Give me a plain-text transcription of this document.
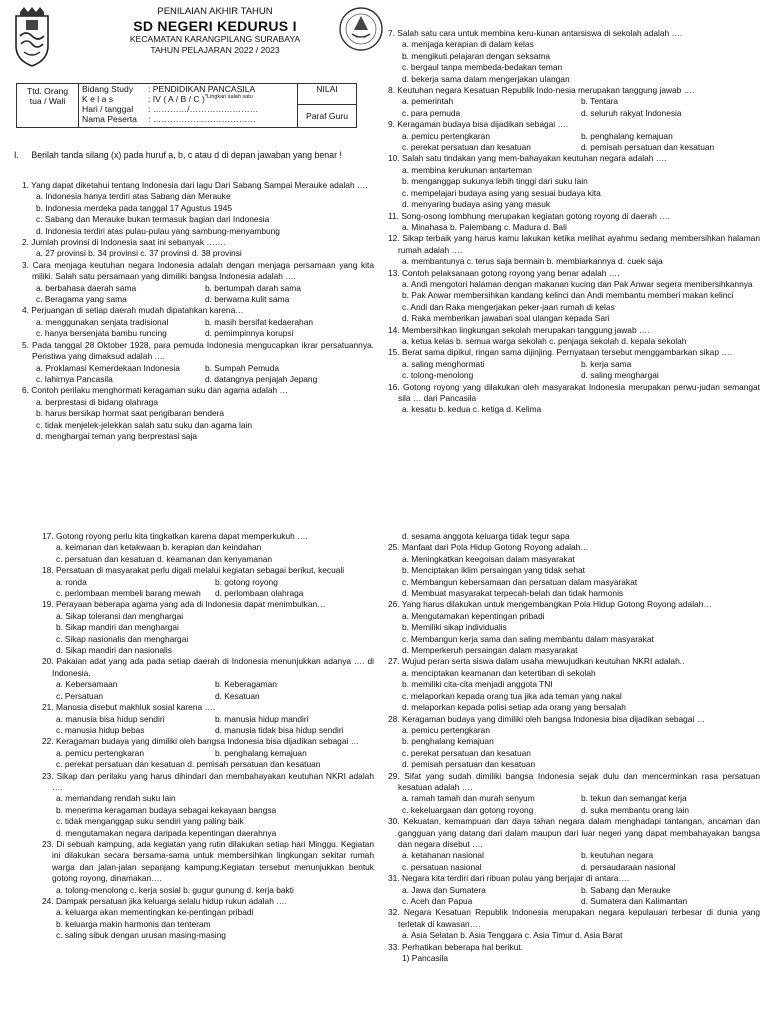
PENILAIAN AKHIR TAHUN
SD NEGERI KEDURUS I
KECAMATAN KARANGPILANG SURABAYA
TAHUN PELAJARAN 2022 / 2023
Ttd. Orang tua / Wali	Bidang Study : PENDIDIKAN PANCASILA	NILAI
	K e l a s : IV ( A / B / C )$^{*Lingkari salah satu}$
	Hari / tanggal : …………/……………………	Paraf Guru
	Nama Peserta : ………………………………	
I. Berilah tanda silang (x) pada huruf a, b, c atau d di depan jawaban yang benar !
1. Yang dapat diketahui tentang Indonesia dari lagu Dari Sabang Sampai Merauke adalah ….
a. Indonesia hanya terdiri atas Sabang dan Merauke
b. Indonesia merdeka pada tanggal 17 Agustus 1945
c. Sabang dan Merauke bukan termasuk bagian dari Indonesia
d. Indonesia terdiri atas pulau-pulau yang sambung-menyambung
2. Jumlah provinsi di Indonesia saat ini sebanyak …….
a. 27 provinsi b. 34 provinsi c. 37 provinsi d. 38 provinsi
3. Cara menjaga keutuhan negara Indonesia adalah dengan menjaga persamaan yang kita miliki. Salah satu persamaan yang dimiliki bangsa Indonesia adalah ….
a. berbahasa daerah sama	b. bertumpah darah sama
c. Beragama yang sama	d. berwarna kulit sama
4. Perjuangan di setiap daerah mudah dipatahkan karena…
a. menggunakan senjata tradisional	b. masih bersifat kedaerahan
c. hanya bersenjata bambu runcing	d. pemimpinnya korupsi
5. Pada tanggal 28 Oktober 1928, para pemuda Indonesia mengucapkan ikrar persatuannya. Peristiwa yang dimaksud adalah ….
a. Proklamasi Kemerdekaan Indonesia	b. Sumpah Pemuda
c. lahirnya Pancasila	d. datangnya penjajah Jepang
6. Contoh perilaku menghormati keragaman suku dan agama adalah …
a. berprestasi di bidang olahraga
b. harus bersikap hormat saat pengibaran bendera
c. tidak menjelek-jelekkan salah satu suku dan agama lain
d. menghargai teman yang berprestasi saja
7. Salah satu cara untuk membina keru-kunan antarsiswa di sekolah adalah ….
a. menjaga kerapian di dalam kelas
b. mengikuti pelajaran dengan seksama
c. bergaul tanpa membeda-bedakan teman
d. bekerja sama dalam mengerjakan ulangan
8. Keutuhan negara Kesatuan Republik Indo-nesia merupakan tanggung jawab ….
a. pemerintah	b. Tentara
c. para pemuda	d. seluruh rakyat Indonesia
9. Keragaman budaya bisa dijadikan sebagai ….
a. pemicu pertengkaran	b. penghalang kemajuan
c. perekat persatuan dan kesatuan	d. pemisah persatuan dan kesatuan
10. Salah satu tindakan yang mem-bahayakan keutuhan negara adalah ….
a. membina kerukunan antarteman
b. menganggap sukunya lebih tinggi dari suku lain
c. mempelajari budaya asing yang sesuai budaya kita
d. menyaring budaya asing yang masuk
11. Song-osong lombhung merupakan kegiatan gotong royong di daerah ….
a. Minahasa b. Palembang c. Madura d. Bali
12. Sikap terbaik yang harus kamu lakukan ketika melihat ayahmu sedang membersihkan halaman rumah adalah ….
a. membantunya c. terus saja bermain b. membiarkannya d. cuek saja
13. Contoh pelaksanaan gotong royong yang benar adalah ….
a. Andi mengotori halaman dengan makanan kucing dan Pak Anwar segera membersihkannya
b. Pak Anwar membersihkan kandang kelinci dan Andi membantu memberi makan kelinci
c. Andi dan Raka mengerjakan peker-jaan rumah di kelas
d. Raka memberikan jawaban soal ulangan kepada Sari
14. Membersihkan lingkungan sekolah merupakan tanggung jawab ….
a. ketua kelas b. semua warga sekolah c. penjaga sekolah d. kepala sekolah
15. Berat sama dipikul, ringan sama dijinjing. Pernyataan tersebut menggambarkan sikap ….
a. saling menghormati	b. kerja sama
c. tolong-menolong	d. saling menghargai
16. Gotong royong yang dilakukan oleh masyarakat Indonesia merupakan perwu-judan semangat sila … dari Pancasila
a. kesatu b. kedua c. ketiga d. Kelima
17. Gotong royong perlu kita tingkatkan karena dapat memperkukuh ….
a. keimanan dan ketakwaan b. kerapian dan keindahan
c. persatuan dan kesatuan d. keamanan dan kenyamanan
18. Persatuan di masyarakat perlu digali melalui kegiatan sebagai berikut, kecuali
a. ronda	b. gotong royong
c. perlombaan membeli barang mewah	d. perlombaan olahraga
19. Perayaan beberapa agama yang ada di Indonesia dapat menimbulkan…
a. Sikap toleransi dan menghargai
b. Sikap mandiri dan menghargai
c. Sikap nasionalis dan menghargai
d. Sikap mandiri dan nasionalis
20. Pakaian adat yang ada pada setiap daerah di Indonesia menunjukkan adanya …. di Indonesia.
a. Kebersamaan	b. Keberagaman
c. Persatuan	d. Kesatuan
21. Manusia disebut makhluk sosial karena ….
a. manusia bisa hidup sendiri	b. manusia hidup mandiri
c. manusia hidup bebas	d. manusia tidak bisa hidup sendiri
22. Keragaman budaya yang dimiliki oleh bangsa Indonesia bisa dijadikan sebagai …
a. pemicu pertengkaran	b. penghalang kemajuan
c. perekat persatuan dan kesatuan d. pemisah persatuan dan kesatuan
23. Sikap dan perilaku yang harus dihindari dan membahayakan keutuhan NKRI adalah ….
a. memandang rendah suku lain
b. menerima keragaman budaya sebagai kekayaan bangsa
c. tidak menganggap suku sendiri yang paling baik
d. mengutamakan negara daripada kepentingan daerahnya
23. Di sebuah kampung, ada kegiatan yang rutin dilakukan setiap hari Minggu. Kegiatan ini dilakukan secara bersama-sama untuk membersihkan lingkungan sekitar rumah warga dan jalan-jalan sepanjang kampung.Kegiatan tersebut menunjukkan bentuk gotong royong, dinamakan….
a. tolong-menolong c. kerja sosial b. gugur gunung d. kerja bakti
24. Dampak persatuan jika keluarga selalu hidup rukun adalah ….
a. keluarga akan mementingkan ke-pentingan pribadi
b. keluarga makin harmonis dan tenteram
c. saling sibuk dengan urusan masing-masing
d. sesama anggota keluarga tidak tegur sapa
25. Manfaat dari Pola Hidup Gotong Royong adalah…
a. Meningkatkan keegoisan dalam masyarakat
b. Menciptakan iklim persaingan yang tidak sehat
c. Membangun kebersamaan dan persatuan dalam masyarakat
d. Membuat masyarakat terpecah-belah dan tidak harmonis
26. Yang harus dilakukan untuk mengembangkan Pola Hidup Gotong Royong adalah…
a. Mengutamakan kepentingan pribadi
b. Memiliki sikap individualis
c. Membangun kerja sama dan saling membantu dalam masyarakat
d. Memperkeruh persaingan dalam masyarakat
27. Wujud peran serta siswa dalam usaha mewujudkan keutuhan NKRI adalah..
a. menciptakan keamanan dan ketertiban di sekolah
b. memiliki cita-cita menjadi anggota TNI
c. melaporkan kepada orang tua jika ada teman yang nakal
d. melaporkan kepada polisi setiap ada orang yang bersalah
28. Keragaman budaya yang dimiliki oleh bangsa Indonesia bisa dijadikan sebagai …
a. pemicu pertengkaran
b. penghalang kemajuan
c. perekat persatuan dan kesatuan
d. pemisah persatuan dan kesatuan
29. Sifat yang sudah dimiliki bangsa Indonesia sejak dulu dan mencerminkan rasa persatuan kesatuan adalah ….
a. ramah tamah dan murah senyum	b. tekun dan semangat kerja
c. kekeluargaan dan gotong royong	d. suka membantu orang lain
30. Kekuatan, kemampuan dan daya tahan negara dalam menghadapi tantangan, ancaman dan gangguan yang datang dari dalam maupun dari luar negeri yang dapat membahayakan bangsa dan negara disebut ….
a. ketahanan nasional	b. keutuhan negara
c. persatuan nasional	d. persaudaraan nasional
31. Negara kita terdiri dari ribuan pulau yang berjajar di antara….
a. Jawa dan Sumatera	b. Sabang dan Merauke
c. Aceh dan Papua	d. Sumatera dan Kalimantan
32. Negara Kesatuan Republik Indonesia merupakan negara kepulauan terbesar di dunia yang terletak di kawasan….
a. Asia Selatan b. Asia Tenggara c. Asia Timur d. Asia Barat
33. Perhatikan beberapa hal berikut.
1) Pancasila
